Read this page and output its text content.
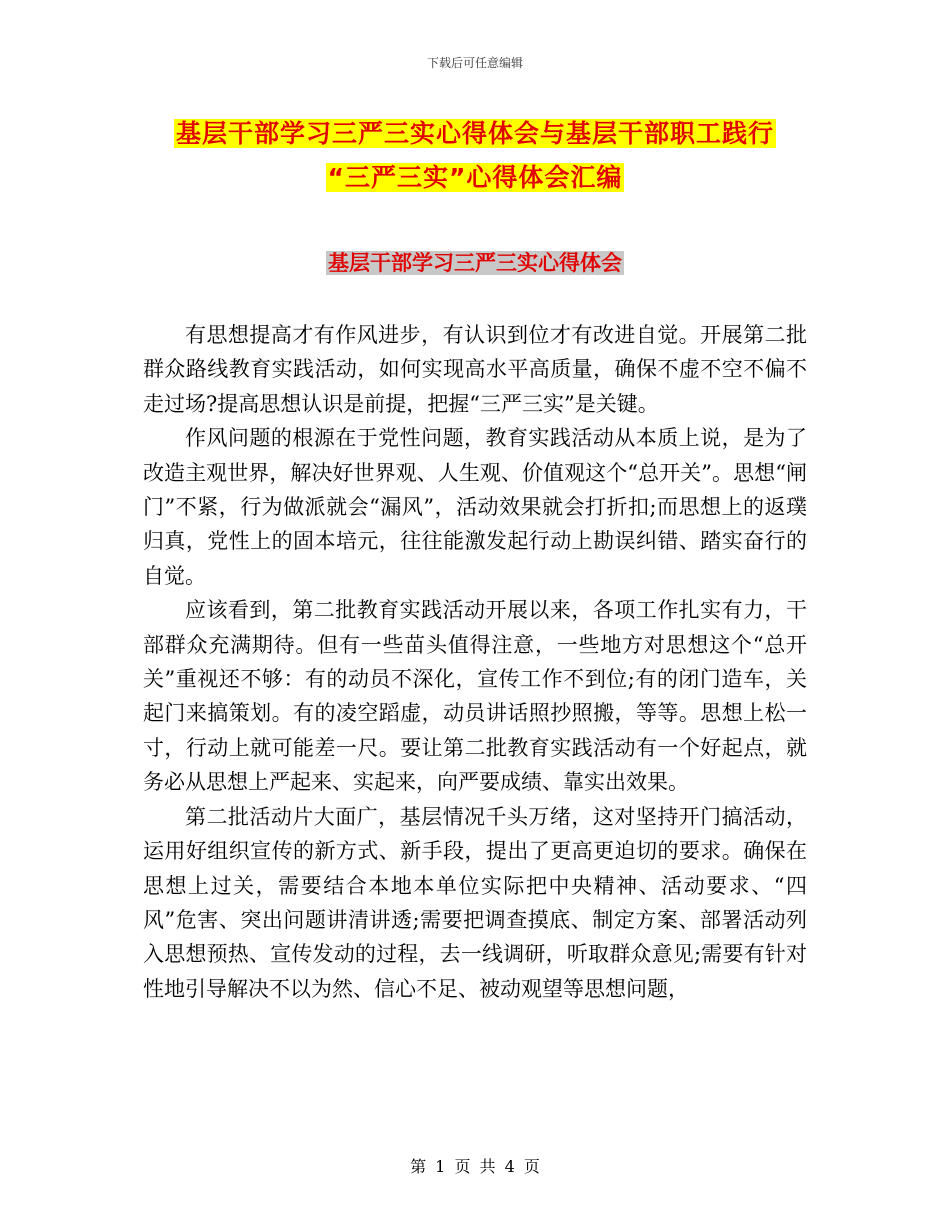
下载后可任意编辑
基层干部学习三严三实心得体会与基层干部职工践行
“三严三实”心得体会汇编
基层干部学习三严三实心得体会

有思想提高才有作风进步，有认识到位才有改进自觉。开展第二批群众路线教育实践活动，如何实现高水平高质量，确保不虚不空不偏不走过场?提高思想认识是前提，把握“三严三实”是关键。

作风问题的根源在于党性问题，教育实践活动从本质上说，是为了改造主观世界，解决好世界观、人生观、价值观这个“总开关”。思想“闸门”不紧，行为做派就会“漏风”，活动效果就会打折扣;而思想上的返璞归真，党性上的固本培元，往往能激发起行动上勘误纠错、踏实奋行的自觉。

应该看到，第二批教育实践活动开展以来，各项工作扎实有力，干部群众充满期待。但有一些苗头值得注意，一些地方对思想这个“总开关”重视还不够：有的动员不深化，宣传工作不到位;有的闭门造车，关起门来搞策划。有的凌空蹈虚，动员讲话照抄照搬，等等。思想上松一寸，行动上就可能差一尺。要让第二批教育实践活动有一个好起点，就务必从思想上严起来、实起来，向严要成绩、靠实出效果。

第二批活动片大面广，基层情况千头万绪，这对坚持开门搞活动，运用好组织宣传的新方式、新手段，提出了更高更迫切的要求。确保在思想上过关，需要结合本地本单位实际把中央精神、活动要求、“四风”危害、突出问题讲清讲透;需要把调查摸底、制定方案、部署活动列入思想预热、宣传发动的过程，去一线调研，听取群众意见;需要有针对性地引导解决不以为然、信心不足、被动观望等思想问题，

第 1 页 共 4 页
